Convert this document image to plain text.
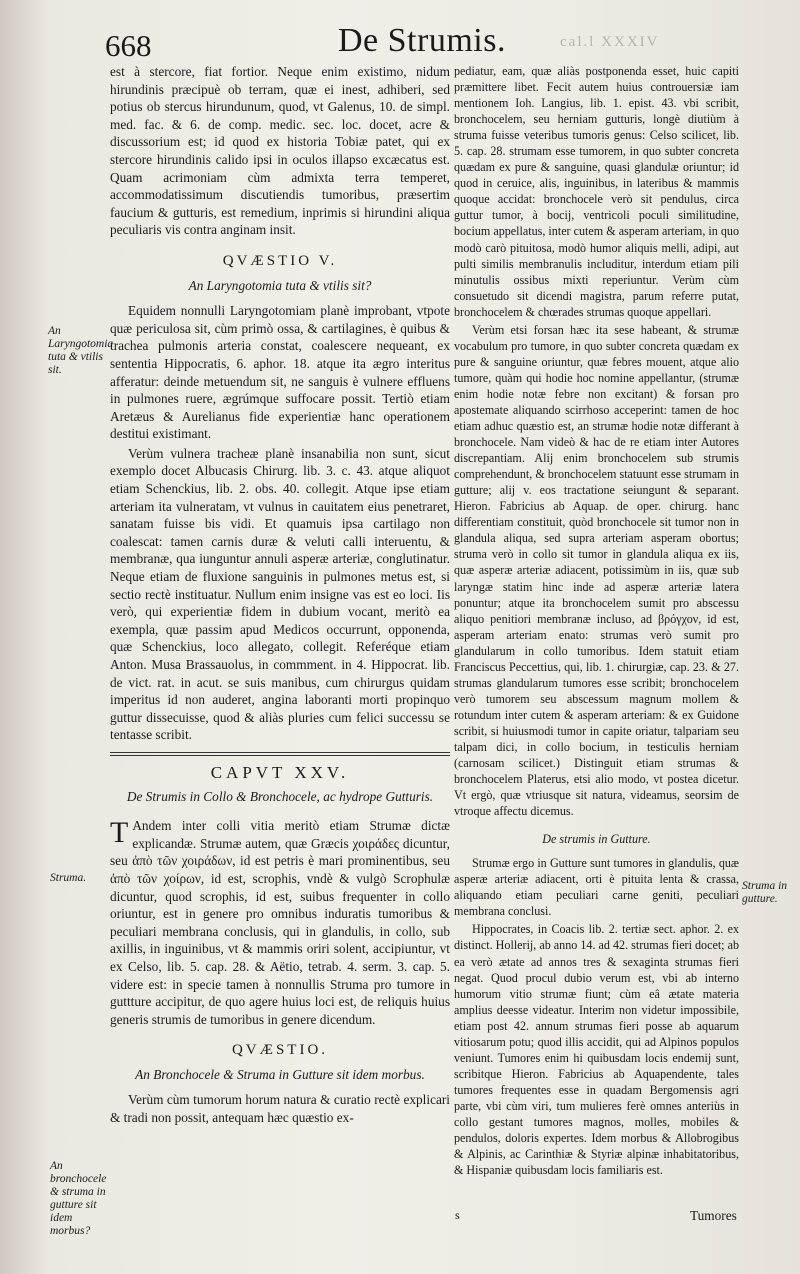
cal.l XXXIV
668	De Strumis.

est à stercore, fiat fortior. Neque enim existimo, nidum hirundinis præcipuè ob terram, quæ ei inest, adhiberi, sed potius ob stercus hirundunum, quod, vt Galenus, 10. de simpl. med. fac. & 6. de comp. medic. sec. loc. docet, acre & discussorium est; id quod ex historia Tobiæ patet, qui ex stercore hirundinis calido ipsi in oculos illapso excæcatus est. Quam acrimoniam cùm admixta terra temperet, accommodatissimum discutiendis tumoribus, præsertim faucium & gutturis, est remedium, inprimis si hirundini aliqua peculiaris vis contra anginam insit.

QVÆSTIO V.
An Laryngotomia tuta & vtilis sit?

Equidem nonnulli Laryngotomiam planè improbant, vtpote quæ periculosa sit, cùm primò ossa, & cartilagines, è quibus & trachea pulmonis arteria constat, coalescere nequeant, ex sententia Hippocratis, 6. aphor. 18. atque ita ægro interitus afferatur: deinde metuendum sit, ne sanguis è vulnere effluens in pulmones ruere, ægrúmque suffocare possit. Tertiò etiam Aretæus & Aurelianus fide experientiæ hanc operationem destitui existimant.

Verùm vulnera tracheæ planè insanabilia non sunt, sicut exemplo docet Albucasis Chirurg. lib. 3. c. 43. atque aliquot etiam Schenckius, lib. 2. obs. 40. collegit. Atque ipse etiam arteriam ita vulneratam, vt vulnus in cauitatem eius penetraret, sanatam fuisse bis vidi. Et quamuis ipsa cartilago non coalescat: tamen carnis duræ & veluti calli interuentu, & membranæ, qua iunguntur annuli asperæ arteriæ, conglutinatur. Neque etiam de fluxione sanguinis in pulmones metus est, si sectio rectè instituatur. Nullum enim insigne vas est eo loci. Iis verò, qui experientiæ fidem in dubium vocant, meritò ea exempla, quæ passim apud Medicos occurrunt, opponenda, quæ Schenckius, loco allegato, collegit. Referéque etiam Anton. Musa Brassauolus, in commment. in 4. Hippocrat. lib. de vict. rat. in acut. se suis manibus, cum chirurgus quidam imperitus id non auderet, angina laboranti morti propinquo guttur dissecuisse, quod & aliàs pluries cum felici successu se tentasse scribit.

CAPVT XXV.
De Strumis in Collo & Bronchocele, ac hydrope Gutturis.

T Andem inter colli vitia meritò etiam Strumæ dictæ explicandæ. Strumæ autem, quæ Græcis χοιράδες dicuntur, seu ἀπὸ τῶν χοιράδων, id est petris è mari prominentibus, seu ἀπὸ τῶν χοίρων, id est, scrophis, vndè & vulgò Scrophulæ dicuntur, quod scrophis, id est, suibus frequenter in collo oriuntur, est in genere pro omnibus induratis tumoribus & peculiari membrana conclusis, qui in glandulis, in collo, sub axillis, in inguinibus, vt & mammis oriri solent, accipiuntur, vt ex Celso, lib. 5. cap. 28. & Aëtio, tetrab. 4. serm. 3. cap. 5. videre est: in specie tamen à nonnullis Struma pro tumore in guttture accipitur, de quo agere huius loci est, de reliquis huius generis strumis de tumoribus in genere dicendum.

QVÆSTIO.
An Bronchocele & Struma in Gutture sit idem morbus.

Verùm cùm tumorum horum natura & curatio rectè explicari & tradi non possit, antequam hæc quæstio ex-

pediatur, eam, quæ aliàs postponenda esset, huic capiti præmittere libet. Fecit autem huius controuersiæ iam mentionem Ioh. Langius, lib. 1. epist. 43. vbi scribit, bronchocelem, seu herniam gutturis, longè diutiùm à struma fuisse veteribus tumoris genus: Celso scilicet, lib. 5. cap. 28. strumam esse tumorem, in quo subter concreta quædam ex pure & sanguine, quasi glandulæ oriuntur; id quod in ceruice, alis, inguinibus, in lateribus & mammis quoque accidat: bronchocele verò sit pendulus, circa guttur tumor, à bocij, ventricoli poculi similitudine, bocium appellatus, inter cutem & asperam arteriam, in quo modò carò pituitosa, modò humor aliquis melli, adipi, aut pulti similis membranulis includitur, interdum etiam pili minutulis ossibus mixti reperiuntur. Verùm cùm consuetudo sit dicendi magistra, parum referre putat, bronchocelem & chœrades strumas quoque appellari.

Verùm etsi forsan hæc ita sese habeant, & strumæ vocabulum pro tumore, in quo subter concreta quædam ex pure & sanguine oriuntur, quæ febres mouent, atque alio tumore, quàm qui hodie hoc nomine appellantur, (strumæ enim hodie notæ febre non excitant) & forsan pro apostemate aliquando scirrhoso acceperint: tamen de hoc etiam adhuc quæstio est, an strumæ hodie notæ differant à bronchocele. Nam videò & hac de re etiam inter Autores discrepantiam. Alij enim bronchocelem sub strumis comprehendunt, & bronchocelem statuunt esse strumam in gutture; alij v. eos tractatione seiungunt & separant. Hieron. Fabricius ab Aquap. de oper. chirurg. hanc differentiam constituit, quòd bronchocele sit tumor non in glandula aliqua, sed supra arteriam asperam obortus; struma verò in collo sit tumor in glandula aliqua ex iis, quæ asperæ arteriæ adiacent, potissimùm in iis, quæ sub laryngæ statim hinc inde ad asperæ arteriæ latera ponuntur; atque ita bronchocelem sumit pro abscessu aliquo penitiori membranæ incluso, ad βρόγχον, id est, asperam arteriam enato: strumas verò sumit pro glandularum in collo tumoribus. Idem statuit etiam Franciscus Peccettius, qui, lib. 1. chirurgiæ, cap. 23. & 27. strumas glandularum tumores esse scribit; bronchocelem verò tumorem seu abscessum magnum mollem & rotundum inter cutem & asperam arteriam: & ex Guidone scribit, si huiusmodi tumor in capite oriatur, talpariam seu talpam dici, in collo bocium, in testiculis herniam (carnosam scilicet.) Distinguit etiam strumas & bronchocelem Platerus, etsi alio modo, vt postea dicetur. Vt ergò, quæ vtriusque sit natura, videamus, seorsim de vtroque affectu dicemus.

De strumis in Gutture.

Strumæ ergo in Gutture sunt tumores in glandulis, quæ asperæ arteriæ adiacent, orti è pituita lenta & crassa, aliquando etiam peculiari carne geniti, peculiari membrana conclusi.

Hippocrates, in Coacis lib. 2. tertiæ sect. aphor. 2. ex distinct. Hollerij, ab anno 14. ad 42. strumas fieri docet; ab ea verò ætate ad annos tres & sexaginta strumas fieri negat. Quod procul dubio verum est, vbi ab interno humorum vitio strumæ fiunt; cùm eâ ætate materia amplius deesse videatur. Interim non videtur impossibile, etiam post 42. annum strumas fieri posse ab aquarum vitiosarum potu; quod illis accidit, qui ad Alpinos populos veniunt. Tumores enim hi quibusdam locis endemij sunt, scribitque Hieron. Fabricius ab Aquapendente, tales tumores frequentes esse in quadam Bergomensis agri parte, vbi cùm viri, tum mulieres ferè omnes anteriùs in collo gestant tumores magnos, molles, mobiles & pendulos, doloris expertes. Idem morbus & Allobrogibus & Alpinis, ac Carinthiæ & Styriæ alpinæ inhabitatoribus, & Hispaniæ quibusdam locis familiaris est.

An Laryngotomia tuta & vtilis sit.
Struma.
An bronchocele & struma in gutture sit idem morbus?
Struma in gutture.
s	Tumores
